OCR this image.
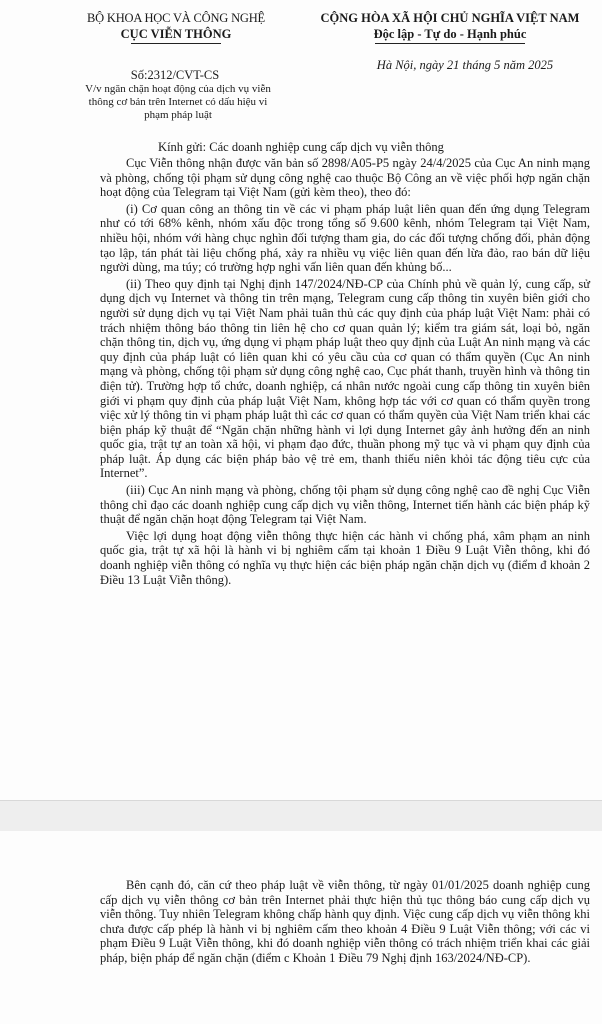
BỘ KHOA HỌC VÀ CÔNG NGHỆ
CỤC VIỄN THÔNG
CỘNG HÒA XÃ HỘI CHỦ NGHĨA VIỆT NAM
Độc lập - Tự do - Hạnh phúc
Hà Nội, ngày 21 tháng 5 năm 2025
Số:2312/CVT-CS
V/v ngăn chặn hoạt động của dịch vụ viễn thông cơ bản trên Internet có dấu hiệu vi phạm pháp luật
Kính gửi: Các doanh nghiệp cung cấp dịch vụ viễn thông

Cục Viễn thông nhận được văn bản số 2898/A05-P5 ngày 24/4/2025 của Cục An ninh mạng và phòng, chống tội phạm sử dụng công nghệ cao thuộc Bộ Công an về việc phối hợp ngăn chặn hoạt động của Telegram tại Việt Nam (gửi kèm theo), theo đó:

(i) Cơ quan công an thông tin về các vi phạm pháp luật liên quan đến ứng dụng Telegram như có tới 68% kênh, nhóm xấu độc trong tổng số 9.600 kênh, nhóm Telegram tại Việt Nam, nhiều hội, nhóm với hàng chục nghìn đối tượng tham gia, do các đối tượng chống đối, phản động tạo lập, tán phát tài liệu chống phá, xảy ra nhiều vụ việc liên quan đến lừa đảo, rao bán dữ liệu người dùng, ma túy; có trường hợp nghi vấn liên quan đến khủng bố...

(ii) Theo quy định tại Nghị định 147/2024/NĐ-CP của Chính phủ về quản lý, cung cấp, sử dụng dịch vụ Internet và thông tin trên mạng, Telegram cung cấp thông tin xuyên biên giới cho người sử dụng dịch vụ tại Việt Nam phải tuân thủ các quy định của pháp luật Việt Nam: phải có trách nhiệm thông báo thông tin liên hệ cho cơ quan quản lý; kiểm tra giám sát, loại bỏ, ngăn chặn thông tin, dịch vụ, ứng dụng vi phạm pháp luật theo quy định của Luật An ninh mạng và các quy định của pháp luật có liên quan khi có yêu cầu của cơ quan có thẩm quyền (Cục An ninh mạng và phòng, chống tội phạm sử dụng công nghệ cao, Cục phát thanh, truyền hình và thông tin điện tử). Trường hợp tổ chức, doanh nghiệp, cá nhân nước ngoài cung cấp thông tin xuyên biên giới vi phạm quy định của pháp luật Việt Nam, không hợp tác với cơ quan có thẩm quyền trong việc xử lý thông tin vi phạm pháp luật thì các cơ quan có thẩm quyền của Việt Nam triển khai các biện pháp kỹ thuật để “Ngăn chặn những hành vi lợi dụng Internet gây ảnh hưởng đến an ninh quốc gia, trật tự an toàn xã hội, vi phạm đạo đức, thuần phong mỹ tục và vi phạm quy định của pháp luật. Áp dụng các biện pháp bảo vệ trẻ em, thanh thiếu niên khỏi tác động tiêu cực của Internet”.

(iii) Cục An ninh mạng và phòng, chống tội phạm sử dụng công nghệ cao đề nghị Cục Viễn thông chỉ đạo các doanh nghiệp cung cấp dịch vụ viễn thông, Internet tiến hành các biện pháp kỹ thuật để ngăn chặn hoạt động Telegram tại Việt Nam.

Việc lợi dụng hoạt động viễn thông thực hiện các hành vi chống phá, xâm phạm an ninh quốc gia, trật tự xã hội là hành vi bị nghiêm cấm tại khoản 1 Điều 9 Luật Viễn thông, khi đó doanh nghiệp viễn thông có nghĩa vụ thực hiện các biện pháp ngăn chặn dịch vụ (điểm đ khoản 2 Điều 13 Luật Viễn thông).

Bên cạnh đó, căn cứ theo pháp luật về viễn thông, từ ngày 01/01/2025 doanh nghiệp cung cấp dịch vụ viễn thông cơ bản trên Internet phải thực hiện thủ tục thông báo cung cấp dịch vụ viễn thông. Tuy nhiên Telegram không chấp hành quy định. Việc cung cấp dịch vụ viễn thông khi chưa được cấp phép là hành vi bị nghiêm cấm theo khoản 4 Điều 9 Luật Viễn thông; với các vi phạm Điều 9 Luật Viễn thông, khi đó doanh nghiệp viễn thông có trách nhiệm triển khai các giải pháp, biện pháp để ngăn chặn (điểm c Khoản 1 Điều 79 Nghị định 163/2024/NĐ-CP).
